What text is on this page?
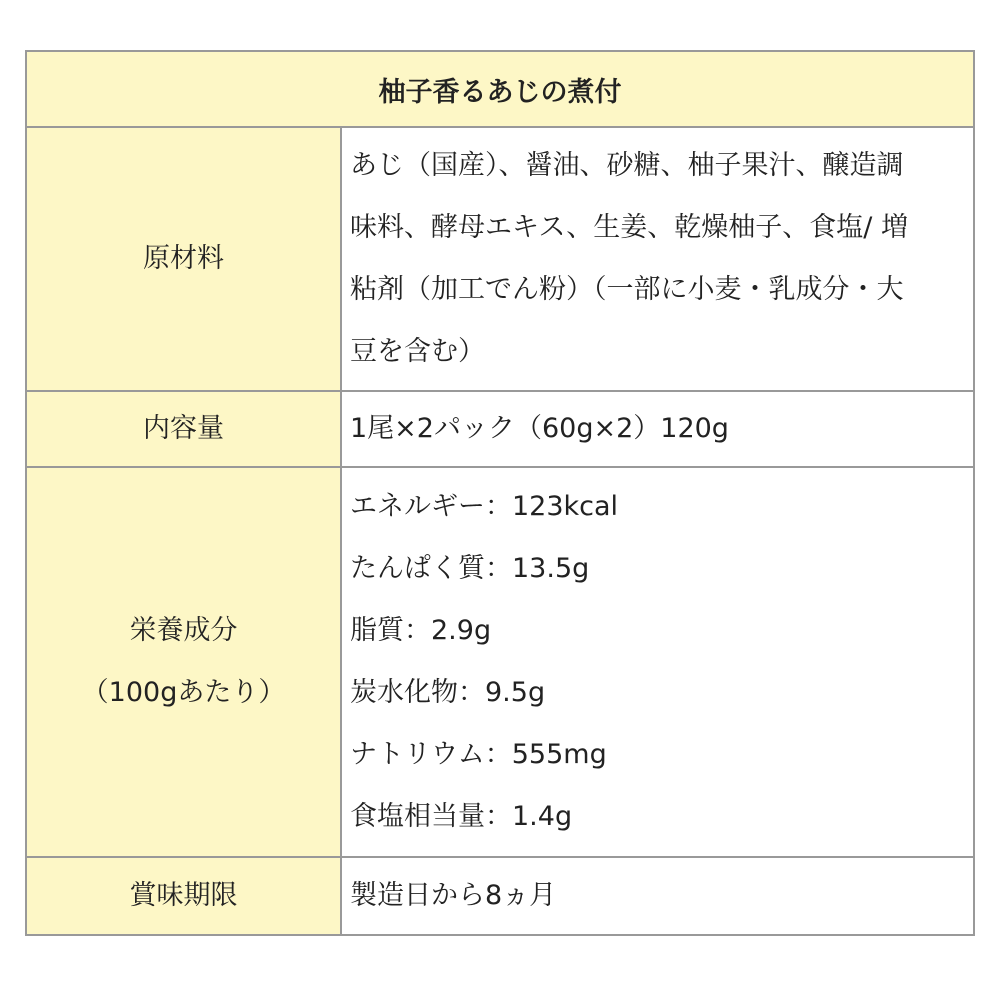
柚子香るあじの煮付
原材料
あじ（国産）、醤油、砂糖、柚子果汁、醸造調
味料、酵母エキス、生姜、乾燥柚子、食塩/ 増
粘剤（加工でん粉）（一部に小麦・乳成分・大
豆を含む）
内容量	1尾×2パック（60g×2）120g
栄養成分
（100gあたり）
エネルギー：123kcal
たんぱく質：13.5g
脂質：2.9g
炭水化物：9.5g
ナトリウム：555mg
食塩相当量：1.4g
賞味期限	製造日から8ヵ月
